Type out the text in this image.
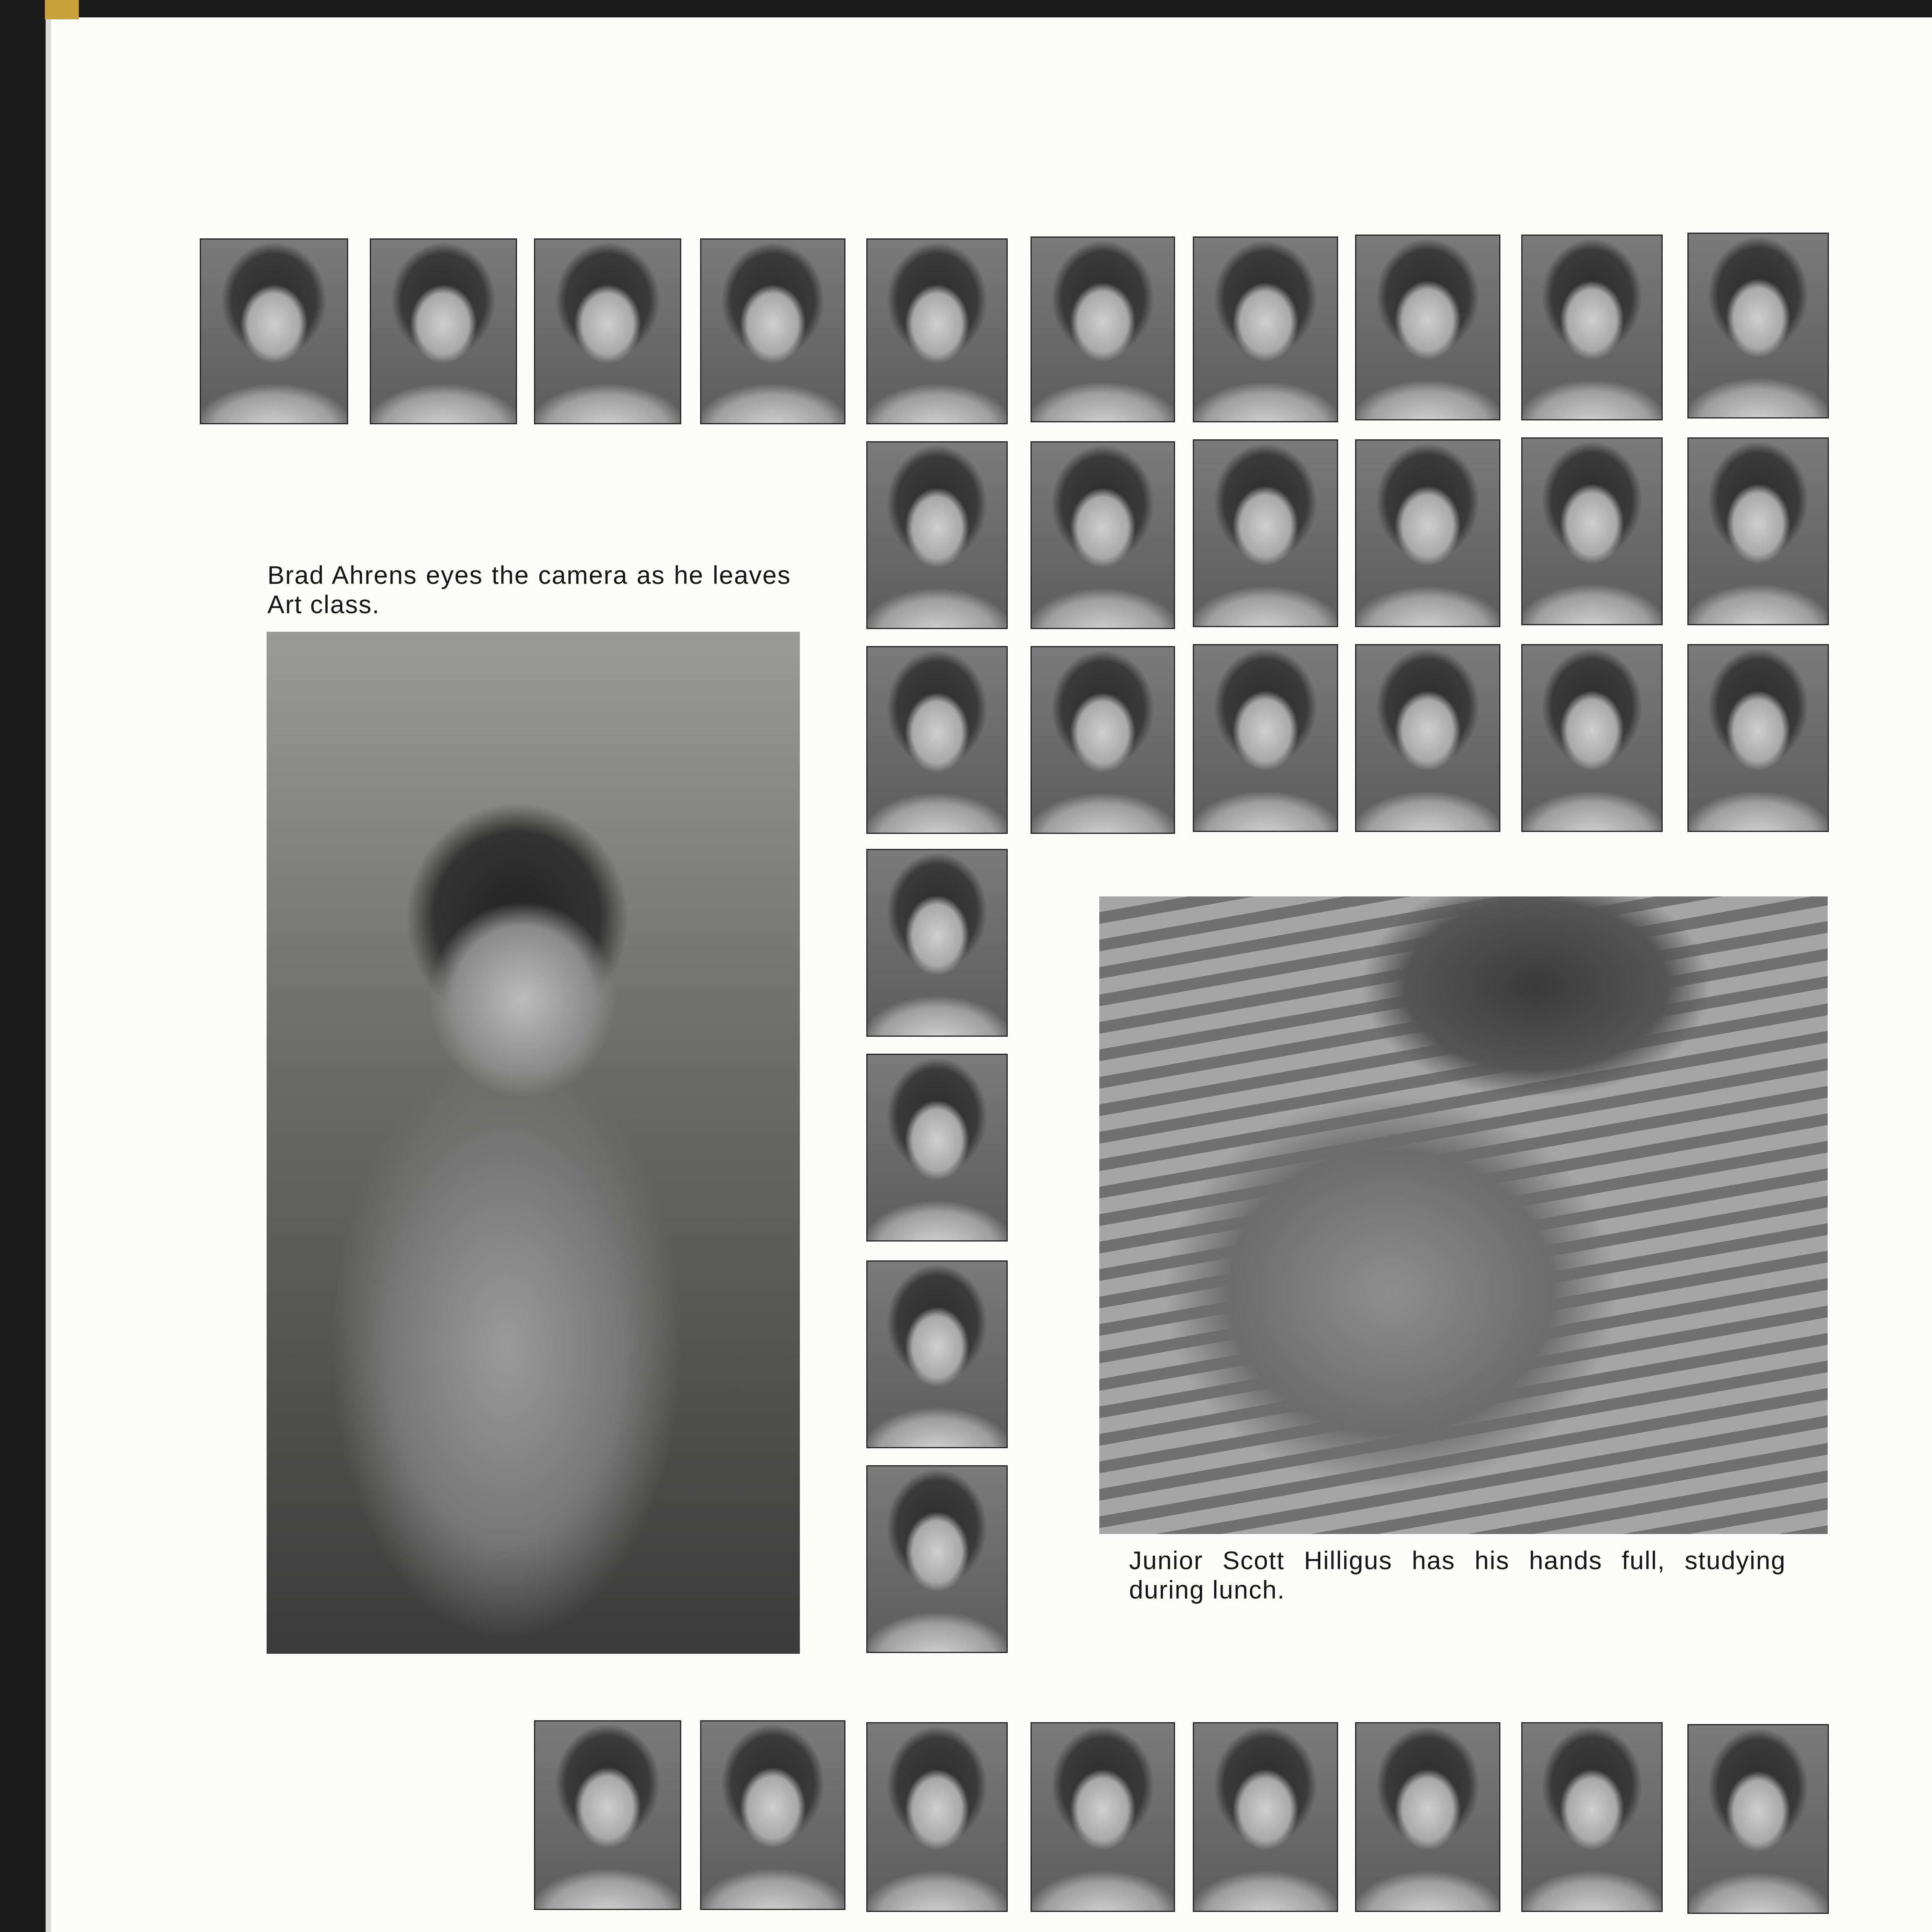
Brad Ahrens eyes the camera as he leaves Art class.
Junior Scott Hilligus has his hands full, studying during lunch.
